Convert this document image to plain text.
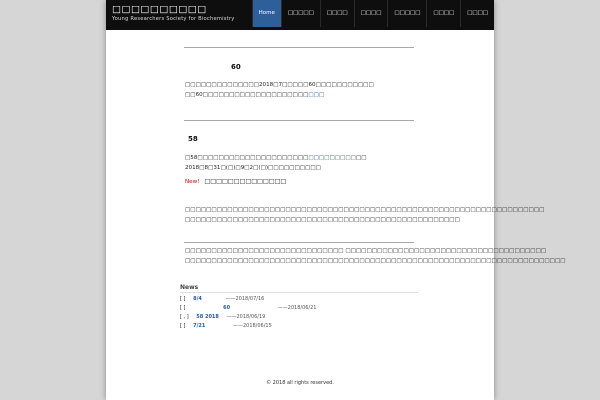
□□□□□□□□□□
Young Researchers Society for Biochemistry
Home	□□□□□	□□□□	□□□□	□□□□□	□□□□	□□□□
60
□□□□□□□□□□□□□□2018□7□□□□□60□□□□□□□□□□□
□□60□□□□□□□□□□□□□□□□□□□□□□□
58
□58□□□□□□□□□□□□□□□□□□□□□□□□□□□□□□□□
2018□8□31□(□)□9□2□(□)□□□□□□□□□□
New! □□□□□□□□□□□□□□
□□□□□□□□□□□□□□□□□□□□□□□□□□□□□□□□□□□□□□□□□□□□□□□□□□□□□□□□□□□□□□□□□□□□
□□□□□□□□□□□□□□□□□□□□□□□□□□□□□□□□□□□□□□□□□□□□□□□□□□□□
□□□□□□□□□□□□□□□□□□□□□□□□□□□□□□ □□□□□□□□□□□□□□□□□□□□□□□□□□□□□□□□□□□□□□
□□□□□□□□□□□□□□□□□□□□□□□□□□□□□□□□□□□□□□□□□□□□□□□□□□□□□□□□□□□□□□□□□□□□□□□□
News
[ ] 8/4	——2018/07/16
[ ]	60	——2018/06/21
[ , ] 58 2018 ——2018/06/19
[ ] 7/21	——2018/06/15
© 2018 all rights reserved.
